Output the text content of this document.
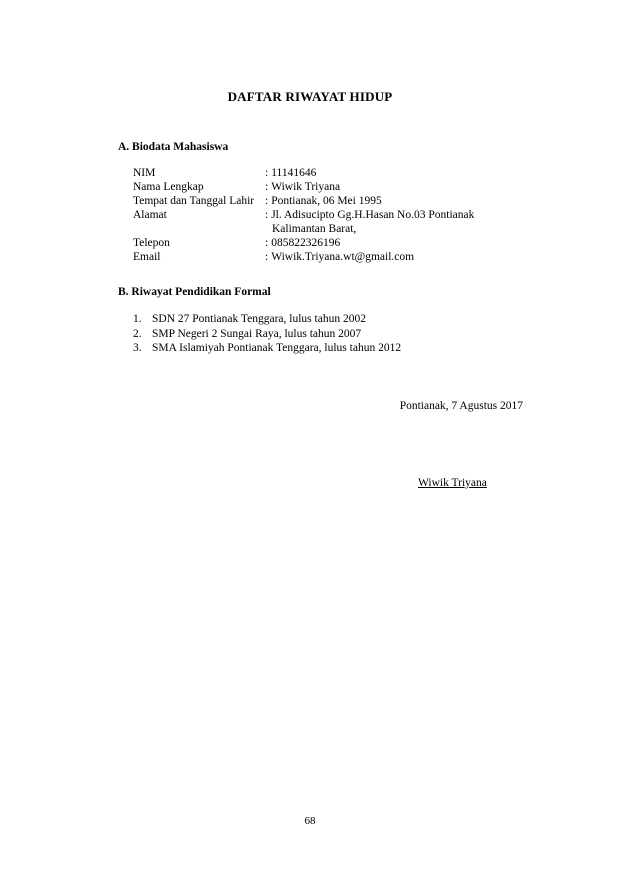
DAFTAR RIWAYAT HIDUP
A. Biodata Mahasiswa
NIM	: 11141646
Nama Lengkap	: Wiwik Triyana
Tempat dan Tanggal Lahir	: Pontianak, 06 Mei 1995
Alamat	: Jl. Adisucipto Gg.H.Hasan No.03 Pontianak
Kalimantan Barat,

Telepon	: 085822326196
Email	: Wiwik.Triyana.wt@gmail.com
B. Riwayat Pendidikan Formal
1. SDN 27 Pontianak Tenggara, lulus tahun 2002
2. SMP Negeri 2 Sungai Raya, lulus tahun 2007
3. SMA Islamiyah Pontianak Tenggara, lulus tahun 2012
Pontianak, 7 Agustus 2017
Wiwik Triyana
68
